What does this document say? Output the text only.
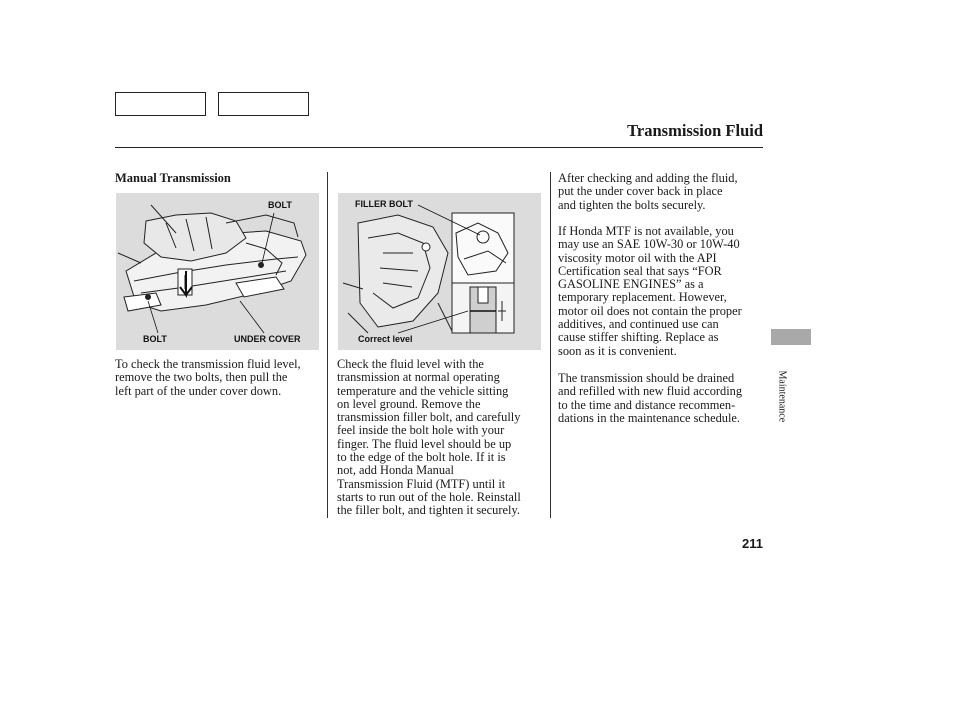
Transmission Fluid
Manual Transmission
BOLT
BOLT	UNDER COVER
To check the transmission fluid level,
remove the two bolts, then pull the
left part of the under cover down.
FILLER BOLT
Correct level
Check the fluid level with the
transmission at normal operating
temperature and the vehicle sitting
on level ground. Remove the
transmission filler bolt, and carefully
feel inside the bolt hole with your
finger. The fluid level should be up
to the edge of the bolt hole. If it is
not, add Honda Manual
Transmission Fluid (MTF) until it
starts to run out of the hole. Reinstall
the filler bolt, and tighten it securely.
After checking and adding the fluid,
put the under cover back in place
and tighten the bolts securely.
If Honda MTF is not available, you
may use an SAE 10W-30 or 10W-40
viscosity motor oil with the API
Certification seal that says “FOR
GASOLINE ENGINES” as a
temporary replacement. However,
motor oil does not contain the proper
additives, and continued use can
cause stiffer shifting. Replace as
soon as it is convenient.
The transmission should be drained
and refilled with new fluid according
to the time and distance recommen-
dations in the maintenance schedule.	Maintenance
211
